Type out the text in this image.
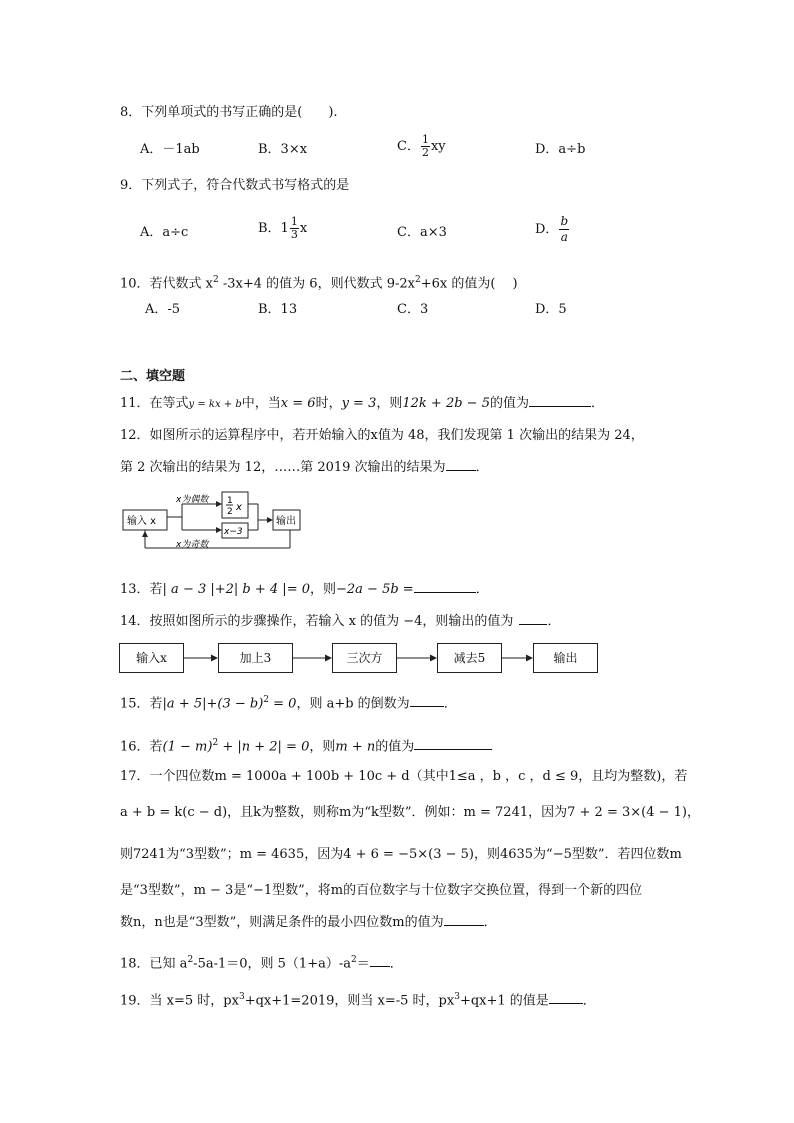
8．下列单项式的书写正确的是(　　).
A．－1ab	B．3×x	C． $\frac{1}{2}$ xy	D．a÷b
9．下列式子，符合代数式书写格式的是
A．a÷c	B．$1 \frac{1}{3}$ x	C．a×3	D． $\frac{b}{a}$
10．若代数式 $x^2$ -3x+4 的值为 6，则代数式 $9-2x^2+6x$ 的值为(　 )
A．-5	B．13	C．3	D．5
二、填空题
11．在等式y = kx + b中，当x = 6时，y = 3，则12k + 2b − 5的值为	．
12．如图所示的运算程序中，若开始输入的x值为 48，我们发现第 1 次输出的结果为 24，
第 2 次输出的结果为 12，……第 2019 次输出的结果为 ．
输入 x
x为偶数 1
2 x
x−3
x为奇数
输出
13．若| a − 3 |+2| b + 4 |= 0，则−2a − 5b =	．
14．按照如图所示的步骤操作，若输入 x 的值为 −4，则输出的值为	．
输入x	加上3	三次方	减去5	输出
15．若$|a + 5|+(3 - b)^2 = 0$，则 a+b 的倒数为	．
16．若$(1 - m)^2 + |n + 2| = 0$，则m + n的值为
17．一个四位数m = 1000a + 100b + 10c + d（其中1≤a ，b ，c ，d ≤ 9，且均为整数)，若
a + b = k(c − d)，且k为整数，则称m为“k型数”．例如：m = 7241，因为7 + 2 = 3×(4 − 1)，
则7241为“3型数”；m = 4635，因为4 + 6 = −5×(3 − 5)，则4635为“−5型数”．若四位数m
是“3型数”，m − 3是“−1型数”，将m的百位数字与十位数字交换位置，得到一个新的四位
数n，n也是“3型数”，则满足条件的最小四位数m的值为	．
18．已知 $a^2-5a-1=0$，则 $5(1+a)-a^2=$ ．
19．当 x=5 时，$px^3+qx+1=2019$，则当 x=-5 时，$px^3+qx+1$ 的值是	．
